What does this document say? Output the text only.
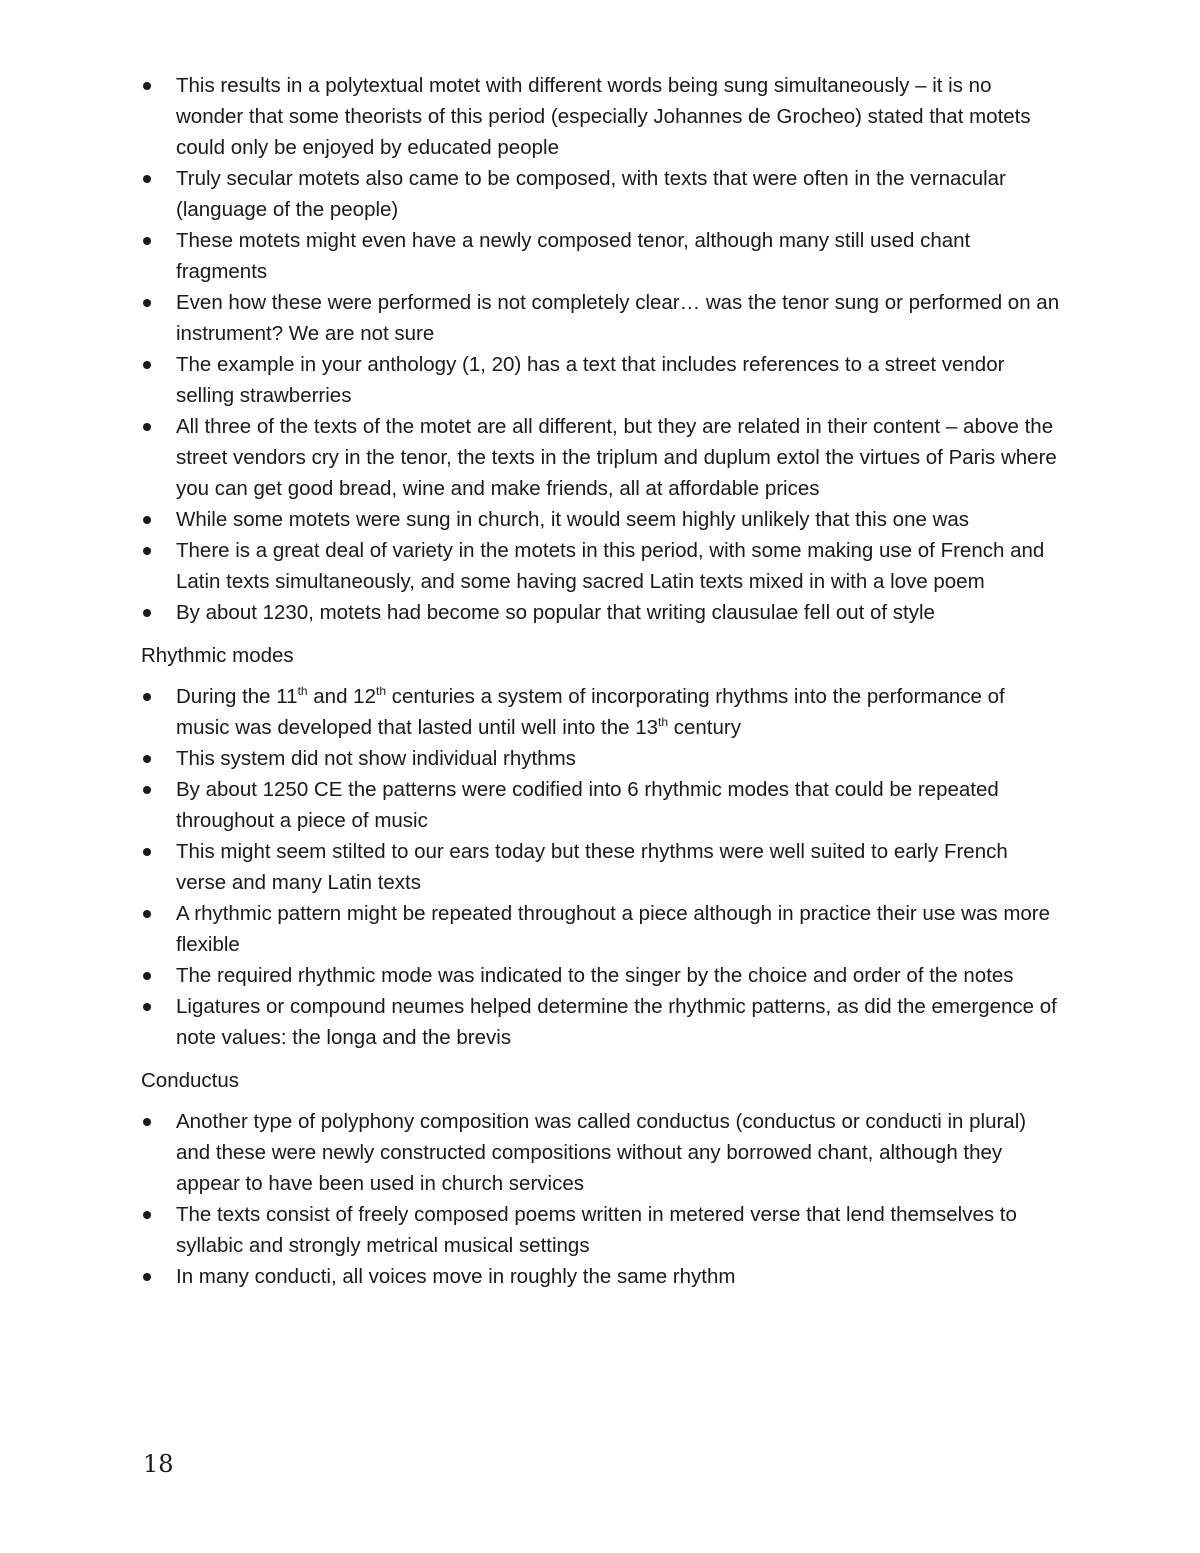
This results in a polytextual motet with different words being sung simultaneously – it is no wonder that some theorists of this period (especially Johannes de Grocheo) stated that motets could only be enjoyed by educated people
Truly secular motets also came to be composed, with texts that were often in the vernacular (language of the people)
These motets might even have a newly composed tenor, although many still used chant fragments
Even how these were performed is not completely clear… was the tenor sung or performed on an instrument? We are not sure
The example in your anthology (1, 20) has a text that includes references to a street vendor selling strawberries
All three of the texts of the motet are all different, but they are related in their content – above the street vendors cry in the tenor, the texts in the triplum and duplum extol the virtues of Paris where you can get good bread, wine and make friends, all at affordable prices
While some motets were sung in church, it would seem highly unlikely that this one was
There is a great deal of variety in the motets in this period, with some making use of French and Latin texts simultaneously, and some having sacred Latin texts mixed in with a love poem
By about 1230, motets had become so popular that writing clausulae fell out of style
Rhythmic modes
During the 11th and 12th centuries a system of incorporating rhythms into the performance of music was developed that lasted until well into the 13th century
This system did not show individual rhythms
By about 1250 CE the patterns were codified into 6 rhythmic modes that could be repeated throughout a piece of music
This might seem stilted to our ears today but these rhythms were well suited to early French verse and many Latin texts
A rhythmic pattern might be repeated throughout a piece although in practice their use was more flexible
The required rhythmic mode was indicated to the singer by the choice and order of the notes
Ligatures or compound neumes helped determine the rhythmic patterns, as did the emergence of note values: the longa and the brevis
Conductus
Another type of polyphony composition was called conductus (conductus or conducti in plural) and these were newly constructed compositions without any borrowed chant, although they appear to have been used in church services
The texts consist of freely composed poems written in metered verse that lend themselves to syllabic and strongly metrical musical settings
In many conducti, all voices move in roughly the same rhythm
18
